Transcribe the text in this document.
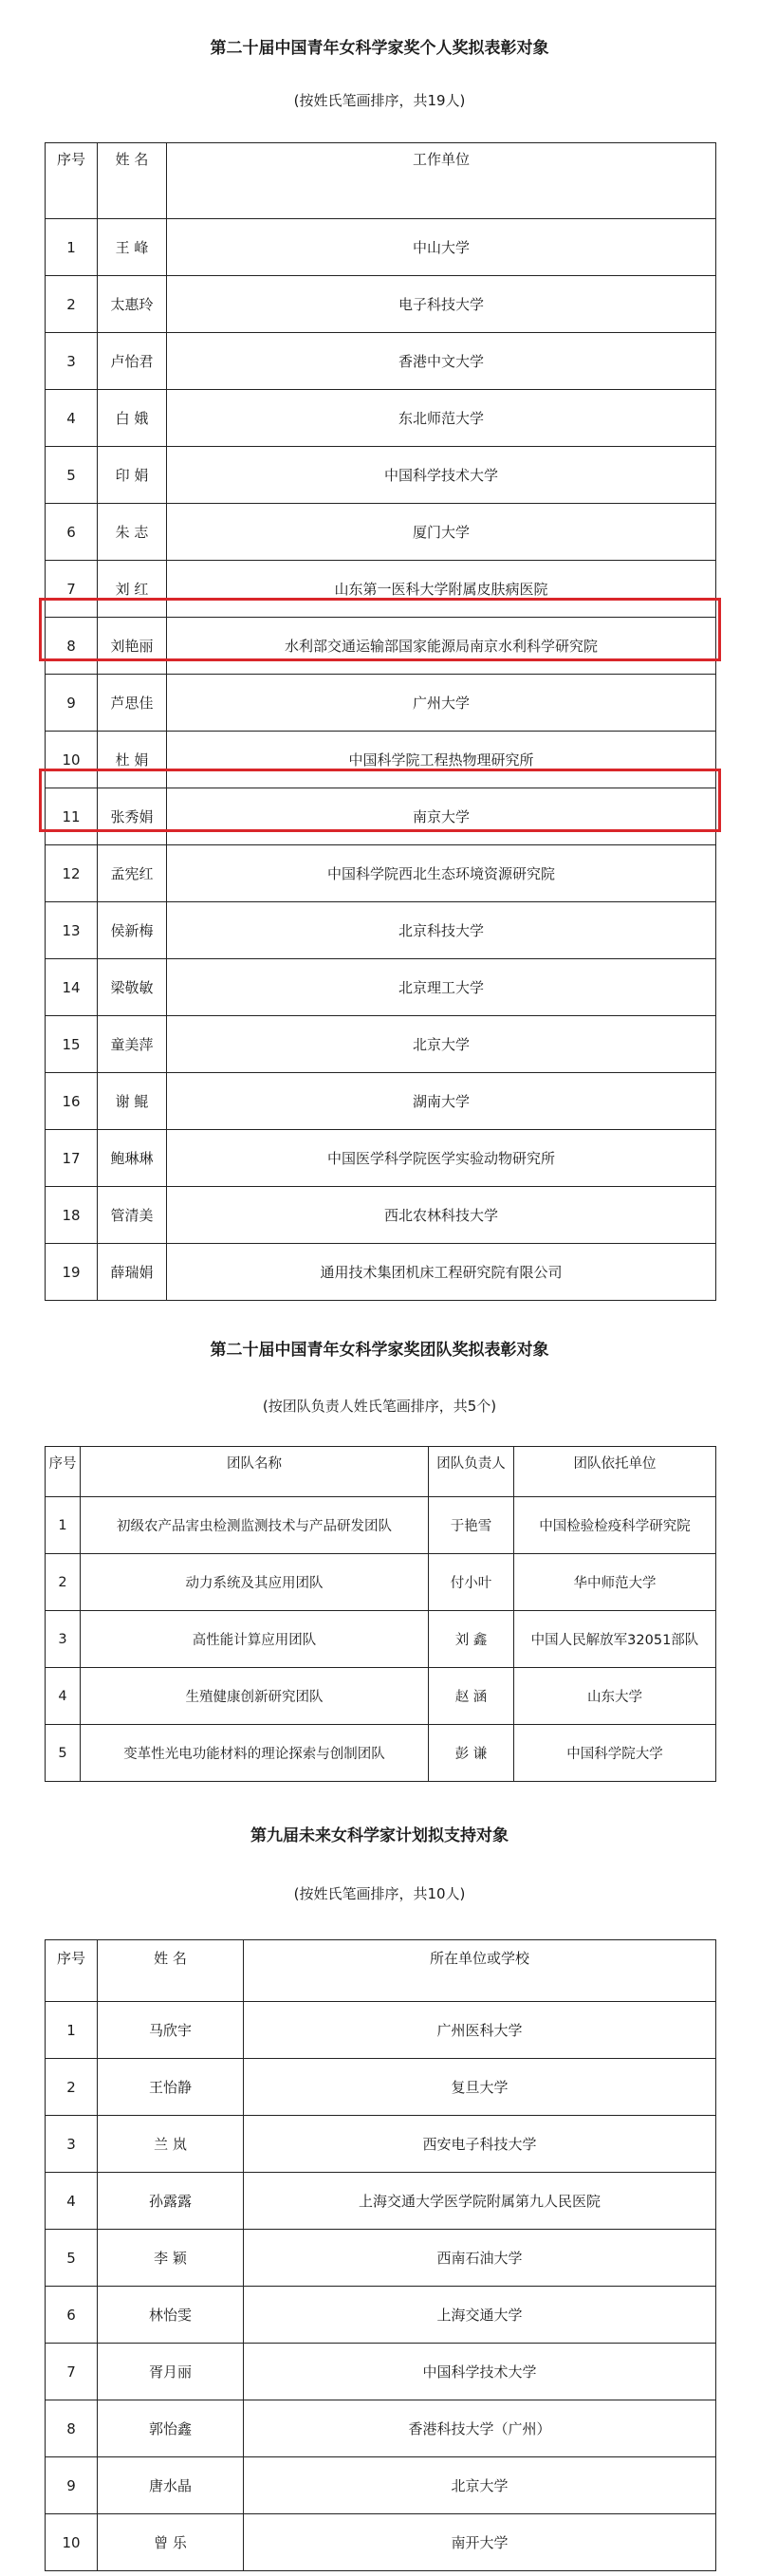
第二十届中国青年女科学家奖个人奖拟表彰对象
(按姓氏笔画排序，共19人)
序号	姓 名	工作单位
1	王 峰	中山大学
2	太惠玲	电子科技大学
3	卢怡君	香港中文大学
4	白 娥	东北师范大学
5	印 娟	中国科学技术大学
6	朱 志	厦门大学
7	刘 红	山东第一医科大学附属皮肤病医院
8	刘艳丽	水利部交通运输部国家能源局南京水利科学研究院
9	芦思佳	广州大学
10	杜 娟	中国科学院工程热物理研究所
11	张秀娟	南京大学
12	孟宪红	中国科学院西北生态环境资源研究院
13	侯新梅	北京科技大学
14	梁敬敏	北京理工大学
15	童美萍	北京大学
16	谢 鲲	湖南大学
17	鲍琳琳	中国医学科学院医学实验动物研究所
18	管清美	西北农林科技大学
19	薛瑞娟	通用技术集团机床工程研究院有限公司
第二十届中国青年女科学家奖团队奖拟表彰对象
(按团队负责人姓氏笔画排序，共5个)
序号	团队名称	团队负责人	团队依托单位
1	初级农产品害虫检测监测技术与产品研发团队	于艳雪	中国检验检疫科学研究院
2	动力系统及其应用团队	付小叶	华中师范大学
3	高性能计算应用团队	刘 鑫	中国人民解放军32051部队
4	生殖健康创新研究团队	赵 涵	山东大学
5	变革性光电功能材料的理论探索与创制团队	彭 谦	中国科学院大学
第九届未来女科学家计划拟支持对象
(按姓氏笔画排序，共10人)
序号	姓 名	所在单位或学校
1	马欣宇	广州医科大学
2	王怡静	复旦大学
3	兰 岚	西安电子科技大学
4	孙露露	上海交通大学医学院附属第九人民医院
5	李 颖	西南石油大学
6	林怡雯	上海交通大学
7	胥月丽	中国科学技术大学
8	郭怡鑫	香港科技大学（广州）
9	唐水晶	北京大学
10	曾 乐	南开大学
